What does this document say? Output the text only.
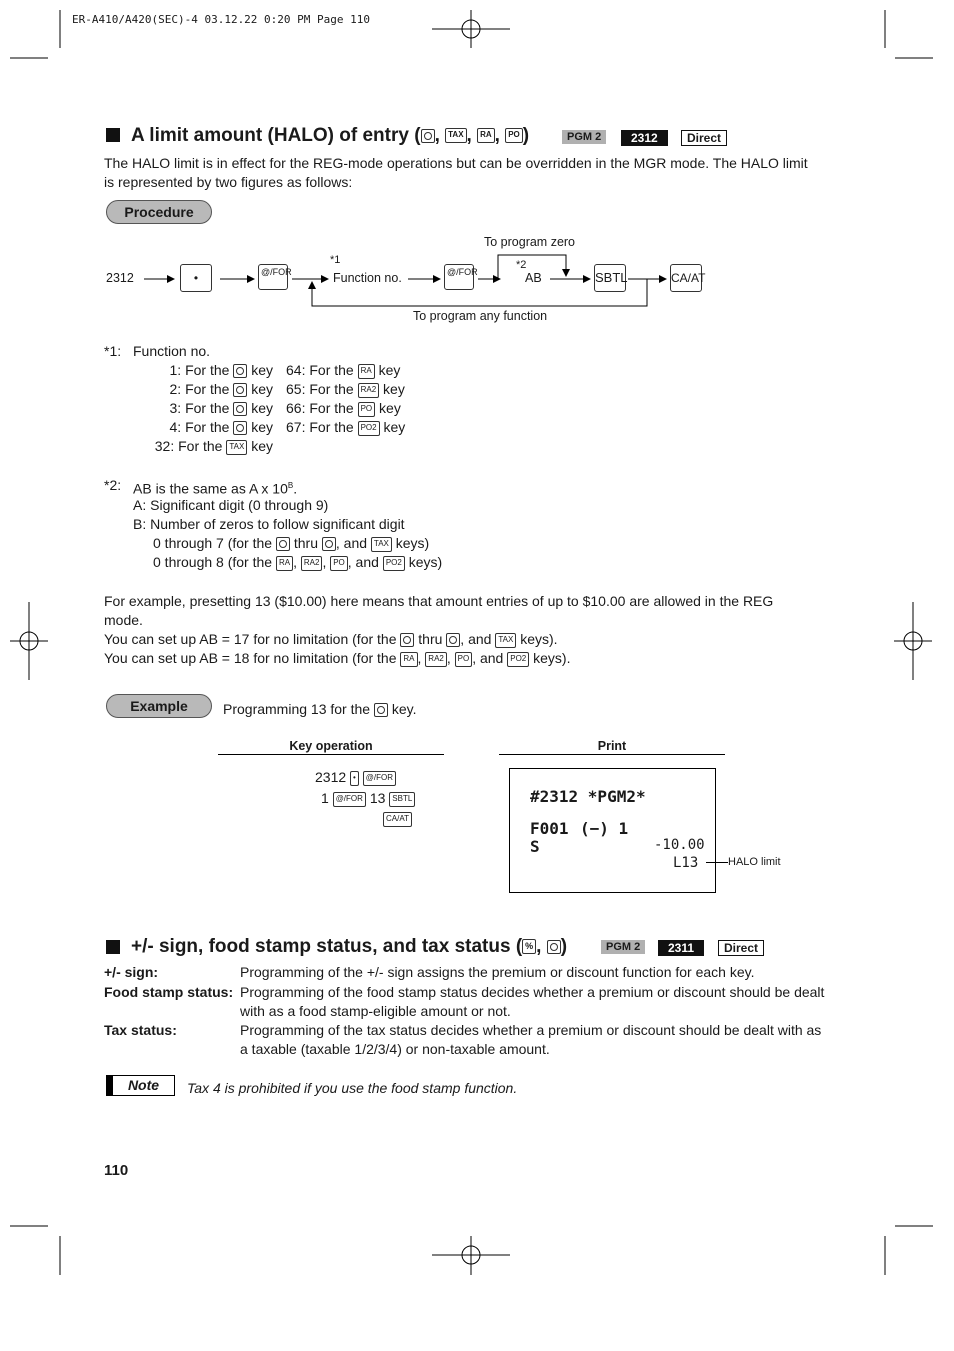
ER-A410/A420(SEC)-4 03.12.22 0:20 PM Page 110
A limit amount (HALO) of entry ( , TAX , RA , PO )	PGM 2	2312	Direct
The HALO limit is in effect for the REG-mode operations but can be overridden in the MGR mode. The HALO limit is represented by two figures as follows:
Procedure
2312	•	@/FOR
*1
Function no.	@/FOR
*2
AB	SBTL	CA/AT
To program zero
To program any function
*1: Function no.
1: For the key
2: For the key
3: For the key
4: For the key
32: For the TAX key
64: For the RA key
65: For the RA2 key
66: For the PO key
67: For the PO2 key
*2: AB is the same as A x $10^B$.
A: Significant digit (0 through 9)
B: Number of zeros to follow significant digit
0 through 7 (for the thru , and TAX keys)
0 through 8 (for the RA , RA2 , PO , and PO2 keys)
For example, presetting 13 ($10.00) here means that amount entries of up to $10.00 are allowed in the REG mode.
You can set up AB = 17 for no limitation (for the thru , and TAX keys).
You can set up AB = 18 for no limitation (for the RA , RA2 , PO , and PO2 keys).
Example	Programming 13 for the key.
Key operation
2312 • @/FOR
1 @/FOR 13 SBTL
CA/AT
Print
#2312 *PGM2*
F001 (−) 1
S	-10.00
L13	HALO limit
+/- sign, food stamp status, and tax status ( % , )	PGM 2	2311	Direct
+/- sign:	Programming of the +/- sign assigns the premium or discount function for each key.
Food stamp status: Programming of the food stamp status decides whether a premium or discount should be dealt with as a food stamp-eligible amount or not.
Tax status:	Programming of the tax status decides whether a premium or discount should be dealt with as a taxable (taxable 1/2/3/4) or non-taxable amount.
Note	Tax 4 is prohibited if you use the food stamp function.
110
